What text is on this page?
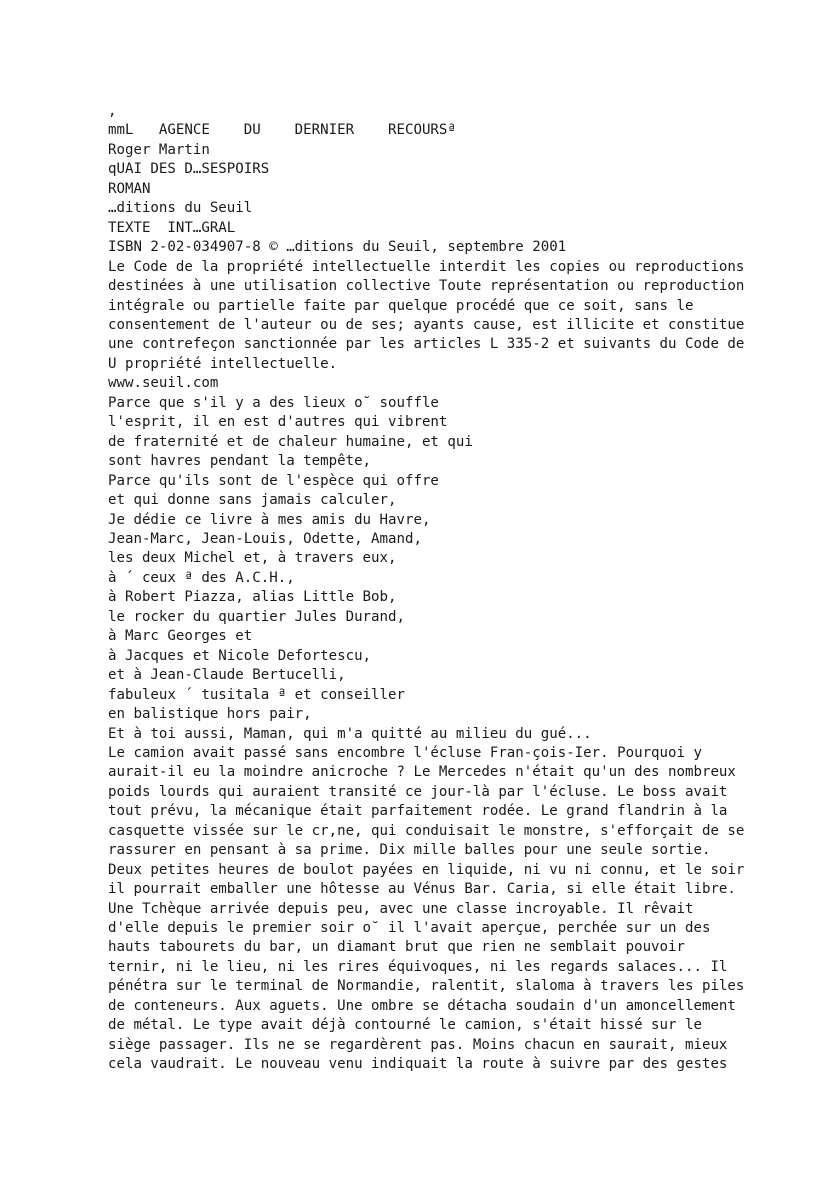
,
mmL   AGENCE    DU    DERNIER    RECOURSª
Roger Martin
qUAI DES D…SESPOIRS
ROMAN
…ditions du Seuil
TEXTE  INT…GRAL
ISBN 2-02-034907-8 © …ditions du Seuil, septembre 2001
Le Code de la propriété intellectuelle interdit les copies ou reproductions
destinées à une utilisation collective Toute représentation ou reproduction
intégrale ou partielle faite par quelque procédé que ce soit, sans le
consentement de l'auteur ou de ses; ayants cause, est illicite et constitue
une contrefeçon sanctionnée par les articles L 335-2 et suivants du Code de
U propriété intellectuelle.
www.seuil.com
Parce que s'il y a des lieux o˘ souffle
l'esprit, il en est d'autres qui vibrent
de fraternité et de chaleur humaine, et qui
sont havres pendant la tempête,
Parce qu'ils sont de l'espèce qui offre
et qui donne sans jamais calculer,
Je dédie ce livre à mes amis du Havre,
Jean-Marc, Jean-Louis, Odette, Amand,
les deux Michel et, à travers eux,
à ´ ceux ª des A.C.H.,
à Robert Piazza, alias Little Bob,
le rocker du quartier Jules Durand,
à Marc Georges et
à Jacques et Nicole Defortescu,
et à Jean-Claude Bertucelli,
fabuleux ´ tusitala ª et conseiller
en balistique hors pair,
Et à toi aussi, Maman, qui m'a quitté au milieu du gué...
Le camion avait passé sans encombre l'écluse Fran-çois-Ier. Pourquoi y
aurait-il eu la moindre anicroche ? Le Mercedes n'était qu'un des nombreux
poids lourds qui auraient transité ce jour-là par l'écluse. Le boss avait
tout prévu, la mécanique était parfaitement rodée. Le grand flandrin à la
casquette vissée sur le cr,ne, qui conduisait le monstre, s'efforçait de se
rassurer en pensant à sa prime. Dix mille balles pour une seule sortie.
Deux petites heures de boulot payées en liquide, ni vu ni connu, et le soir
il pourrait emballer une hôtesse au Vénus Bar. Caria, si elle était libre.
Une Tchèque arrivée depuis peu, avec une classe incroyable. Il rêvait
d'elle depuis le premier soir o˘ il l'avait aperçue, perchée sur un des
hauts tabourets du bar, un diamant brut que rien ne semblait pouvoir
ternir, ni le lieu, ni les rires équivoques, ni les regards salaces... Il
pénétra sur le terminal de Normandie, ralentit, slaloma à travers les piles
de conteneurs. Aux aguets. Une ombre se détacha soudain d'un amoncellement
de métal. Le type avait déjà contourné le camion, s'était hissé sur le
siège passager. Ils ne se regardèrent pas. Moins chacun en saurait, mieux
cela vaudrait. Le nouveau venu indiquait la route à suivre par des gestes
